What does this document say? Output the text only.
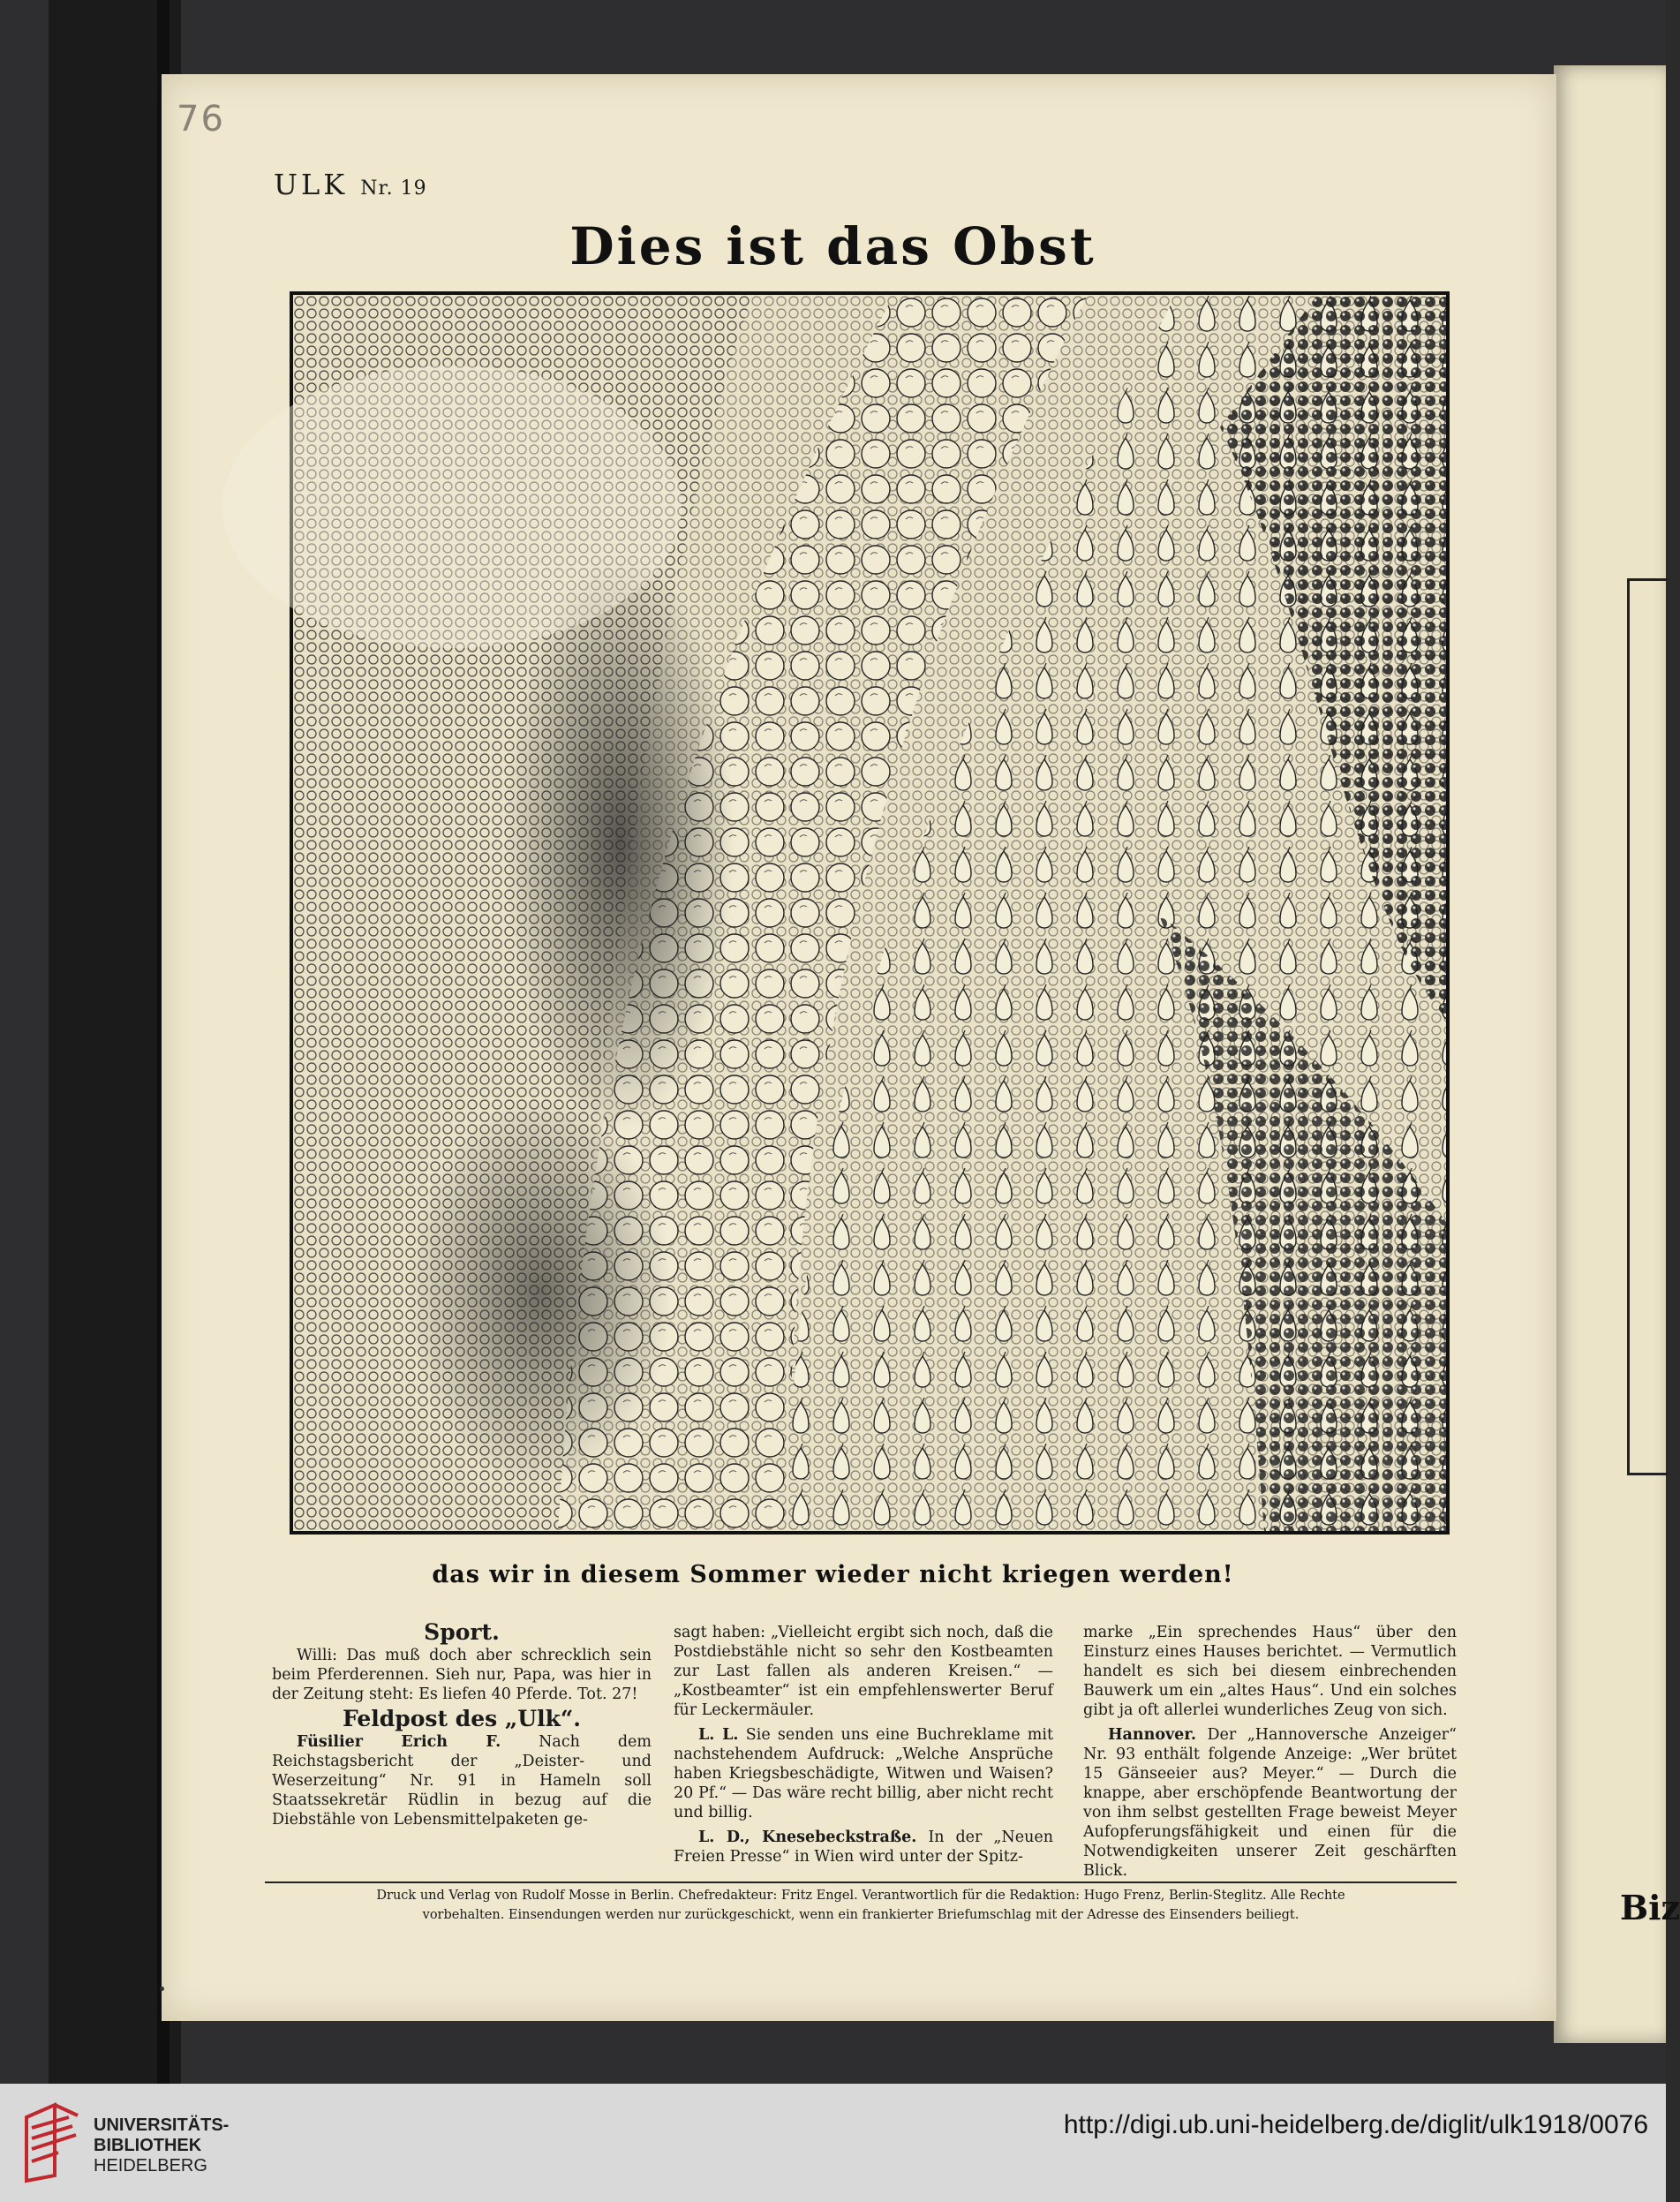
Biz
76
ULK Nr. 19
Dies ist das Obst
das wir in diesem Sommer wieder nicht kriegen werden!
Sport.

Willi: Das muß doch aber schrecklich sein beim Pferderennen. Sieh nur, Papa, was hier in der Zeitung steht: Es liefen 40 Pferde. Tot. 27!

Feldpost des „Ulk“.

Füsilier Erich F. Nach dem Reichstagsbericht der „Deister- und Weserzeitung“ Nr. 91 in Hameln soll Staatssekretär Rüdlin in bezug auf die Diebstähle von Lebensmittelpaketen ge-

sagt haben: „Vielleicht ergibt sich noch, daß die Postdiebstähle nicht so sehr den Kostbeamten zur Last fallen als anderen Kreisen.“ — „Kostbeamter“ ist ein empfehlenswerter Beruf für Leckermäuler.

L. L. Sie senden uns eine Buchreklame mit nachstehendem Aufdruck: „Welche Ansprüche haben Kriegsbeschädigte, Witwen und Waisen? 20 Pf.“ — Das wäre recht billig, aber nicht recht und billig.

L. D., Knesebeckstraße. In der „Neuen Freien Presse“ in Wien wird unter der Spitz-

marke „Ein sprechendes Haus“ über den Einsturz eines Hauses berichtet. — Vermutlich handelt es sich bei diesem einbrechenden Bauwerk um ein „altes Haus“. Und ein solches gibt ja oft allerlei wunderliches Zeug von sich.

Hannover. Der „Hannoversche Anzeiger“ Nr. 93 enthält folgende Anzeige: „Wer brütet 15 Gänseeier aus? Meyer.“ — Durch die knappe, aber erschöpfende Beantwortung der von ihm selbst gestellten Frage beweist Meyer Aufopferungsfähigkeit und einen für die Notwendigkeiten unserer Zeit geschärften Blick.

Druck und Verlag von Rudolf Mosse in Berlin. Chefredakteur: Fritz Engel. Verantwortlich für die Redaktion: Hugo Frenz, Berlin-Steglitz. Alle Rechte
vorbehalten. Einsendungen werden nur zurückgeschickt, wenn ein frankierter Briefumschlag mit der Adresse des Einsenders beiliegt.
UNIVERSITÄTS-
BIBLIOTHEK
HEIDELBERG
http://digi.ub.uni-heidelberg.de/diglit/ulk1918/0076
